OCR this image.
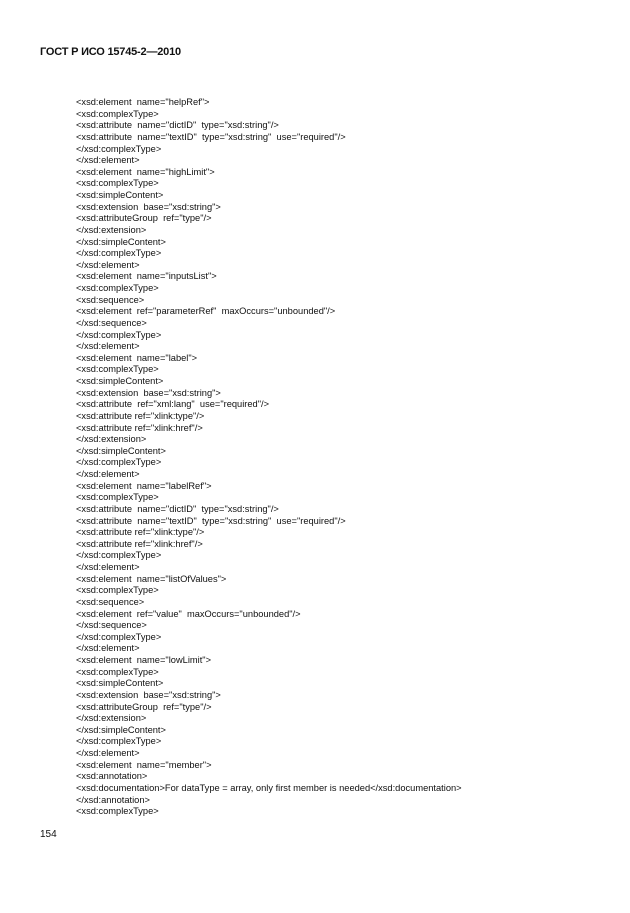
ГОСТ Р ИСО 15745-2—2010
<xsd:element  name="helpRef">
<xsd:complexType>
<xsd:attribute  name="dictID"  type="xsd:string"/>
<xsd:attribute  name="textID"  type="xsd:string"  use="required"/>
</xsd:complexType>
</xsd:element>
<xsd:element  name="highLimit">
<xsd:complexType>
<xsd:simpleContent>
<xsd:extension  base="xsd:string">
<xsd:attributeGroup  ref="type"/>
</xsd:extension>
</xsd:simpleContent>
</xsd:complexType>
</xsd:element>
<xsd:element  name="inputsList">
<xsd:complexType>
<xsd:sequence>
<xsd:element  ref="parameterRef"  maxOccurs="unbounded"/>
</xsd:sequence>
</xsd:complexType>
</xsd:element>
<xsd:element  name="label">
<xsd:complexType>
<xsd:simpleContent>
<xsd:extension  base="xsd:string">
<xsd:attribute  ref="xml:lang"  use="required"/>
<xsd:attribute ref="xlink:type"/>
<xsd:attribute ref="xlink:href"/>
</xsd:extension>
</xsd:simpleContent>
</xsd:complexType>
</xsd:element>
<xsd:element  name="labelRef">
<xsd:complexType>
<xsd:attribute  name="dictID"  type="xsd:string"/>
<xsd:attribute  name="textID"  type="xsd:string"  use="required"/>
<xsd:attribute ref="xlink:type"/>
<xsd:attribute ref="xlink:href"/>
</xsd:complexType>
</xsd:element>
<xsd:element  name="listOfValues">
<xsd:complexType>
<xsd:sequence>
<xsd:element  ref="value"  maxOccurs="unbounded"/>
</xsd:sequence>
</xsd:complexType>
</xsd:element>
<xsd:element  name="lowLimit">
<xsd:complexType>
<xsd:simpleContent>
<xsd:extension  base="xsd:string">
<xsd:attributeGroup  ref="type"/>
</xsd:extension>
</xsd:simpleContent>
</xsd:complexType>
</xsd:element>
<xsd:element  name="member">
<xsd:annotation>
<xsd:documentation>For dataType = array, only first member is needed</xsd:documentation>
</xsd:annotation>
<xsd:complexType>
154
